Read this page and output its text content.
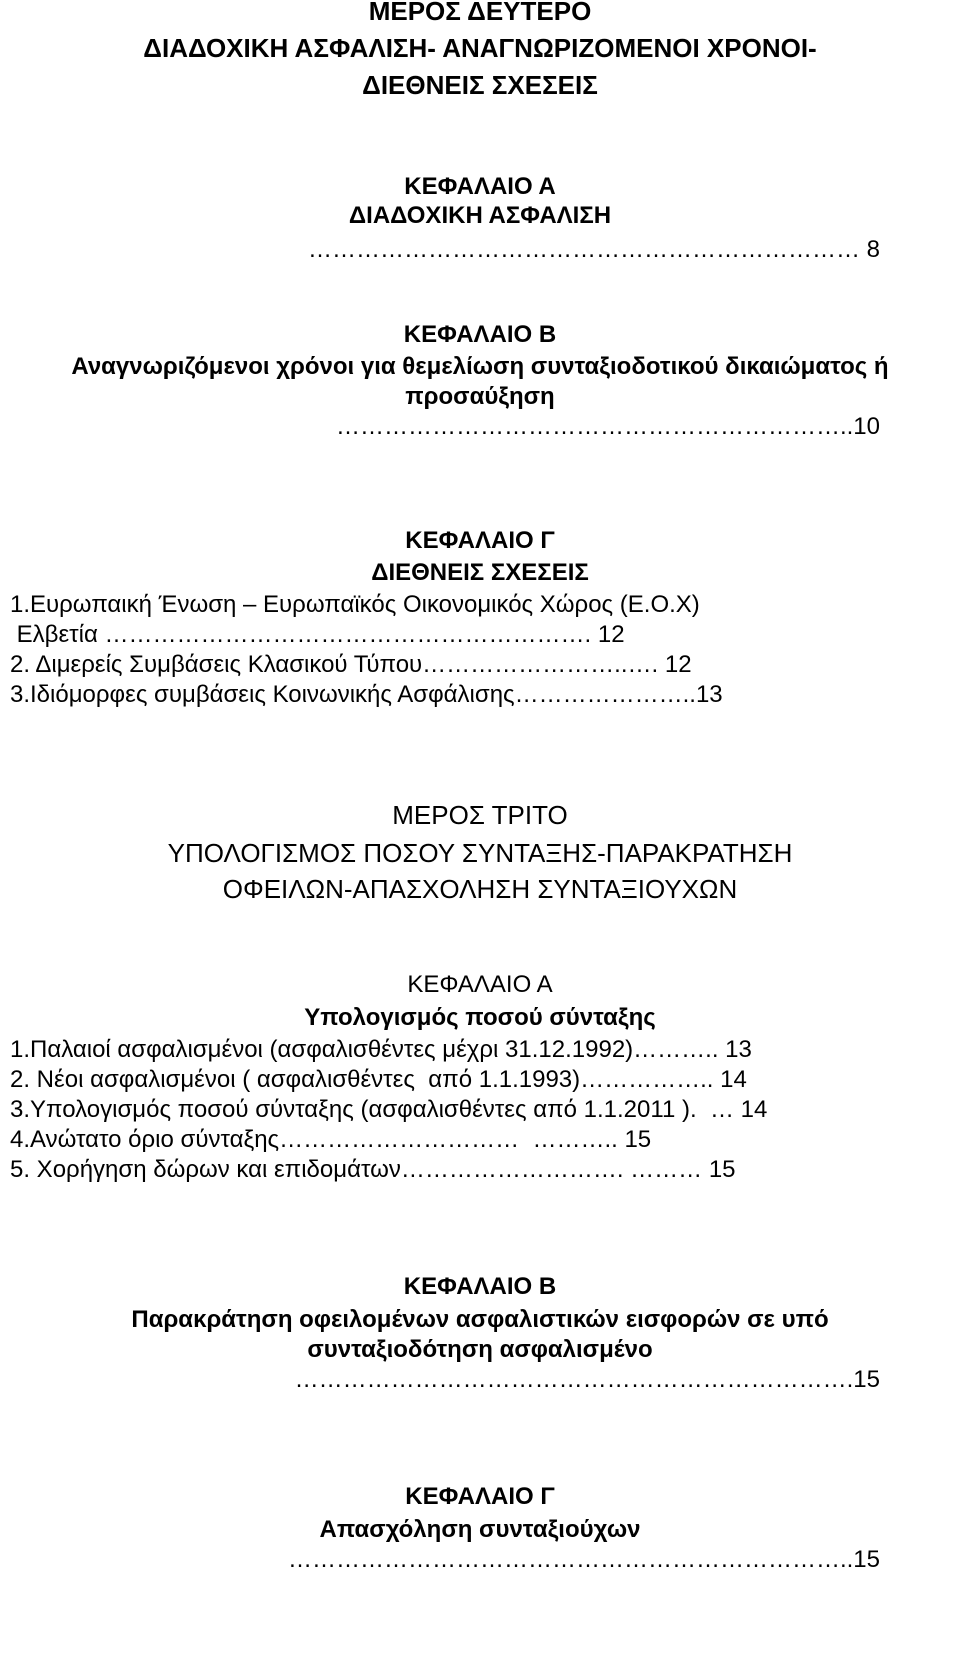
ΜΕΡΟΣ ΔΕΥΤΕΡΟ
ΔΙΑΔΟΧΙΚΗ ΑΣΦΑΛΙΣΗ- ΑΝΑΓΝΩΡΙΖΟΜΕΝΟΙ ΧΡΟΝΟΙ-
ΔΙΕΘΝΕΙΣ ΣΧΕΣΕΙΣ
ΚΕΦΑΛΑΙΟ Α
ΔΙΑΔΟΧΙΚΗ ΑΣΦΑΛΙΣΗ
…………………………………………………………… 8
ΚΕΦΑΛΑΙΟ Β
Αναγνωριζόμενοι χρόνοι για θεμελίωση συνταξιοδοτικού δικαιώματος ή
προσαύξηση
………………………………………………………..10
ΚΕΦΑΛΑΙΟ Γ
ΔΙΕΘΝΕΙΣ ΣΧΕΣΕΙΣ
1.Ευρωπαική Ένωση – Ευρωπαϊκός Οικονομικός Χώρος (Ε.Ο.Χ)
Ελβετία ……………………………………………………. 12
2. Διμερείς Συμβάσεις Κλασικού Τύπου……………………..…. 12
3.Ιδιόμορφες συμβάσεις Κοινωνικής Ασφάλισης…………………..13
ΜΕΡΟΣ ΤΡΙΤΟ
ΥΠΟΛΟΓΙΣΜΟΣ ΠΟΣΟΥ ΣΥΝΤΑΞΗΣ-ΠΑΡΑΚΡΑΤΗΣΗ
ΟΦΕΙΛΩΝ-ΑΠΑΣΧΟΛΗΣΗ ΣΥΝΤΑΞΙΟΥΧΩΝ
ΚΕΦΑΛΑΙΟ Α
Υπολογισμός ποσού σύνταξης
1.Παλαιοί ασφαλισμένοι (ασφαλισθέντες μέχρι 31.12.1992)……….. 13
2. Νέοι ασφαλισμένοι ( ασφαλισθέντες  από 1.1.1993)…………….. 14
3.Υπολογισμός ποσού σύνταξης (ασφαλισθέντες από 1.1.2011 ).  … 14
4.Ανώτατο όριο σύνταξης…………………………  ……….. 15
5. Χορήγηση δώρων και επιδομάτων………………………. ……… 15
ΚΕΦΑΛΑΙΟ Β
Παρακράτηση οφειλομένων ασφαλιστικών εισφορών σε υπό
συνταξιοδότηση ασφαλισμένο
…………………………………………………………….15
ΚΕΦΑΛΑΙΟ Γ
Απασχόληση συνταξιούχων
……………………………………………………………..15
